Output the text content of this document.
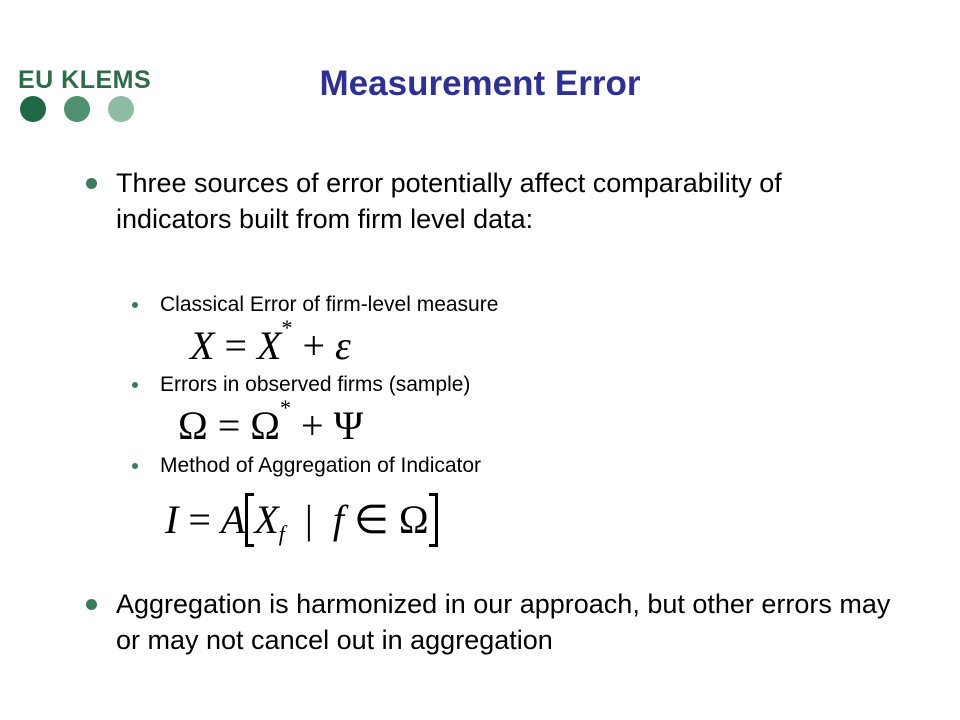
EU KLEMS	Measurement Error
Three sources of error potentially affect comparability of indicators built from firm level data:
Classical Error of firm-level measure
X = X* + ε
Errors in observed firms (sample)
Ω = Ω* + Ψ
Method of Aggregation of Indicator
I = A $X_f$  |  f ∈ Ω
Aggregation is harmonized in our approach, but other errors may or may not cancel out in aggregation
